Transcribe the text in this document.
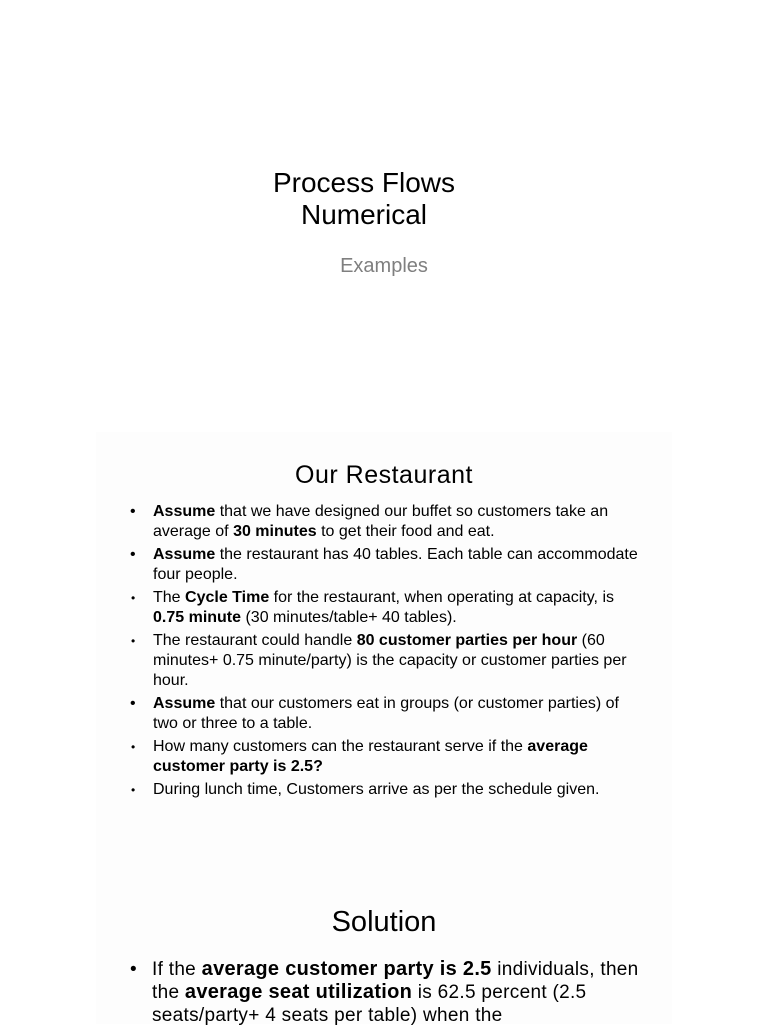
Process Flows
Numerical
Examples
Our Restaurant
• Assume that we have designed our buffet so customers take an average of 30 minutes to get their food and eat.
• Assume the restaurant has 40 tables. Each table can accommodate four people.
• The Cycle Time for the restaurant, when operating at capacity, is 0.75 minute (30 minutes/table+ 40 tables).
• The restaurant could handle 80 customer parties per hour (60 minutes+ 0.75 minute/party) is the capacity or customer parties per hour.
• Assume that our customers eat in groups (or customer parties) of two or three to a table.
• How many customers can the restaurant serve if the average customer party is 2.5?
• During lunch time, Customers arrive as per the schedule given.
Solution
• If the average customer party is 2.5 individuals, then the average seat utilization is 62.5 percent (2.5 seats/party+ 4 seats per table) when the
